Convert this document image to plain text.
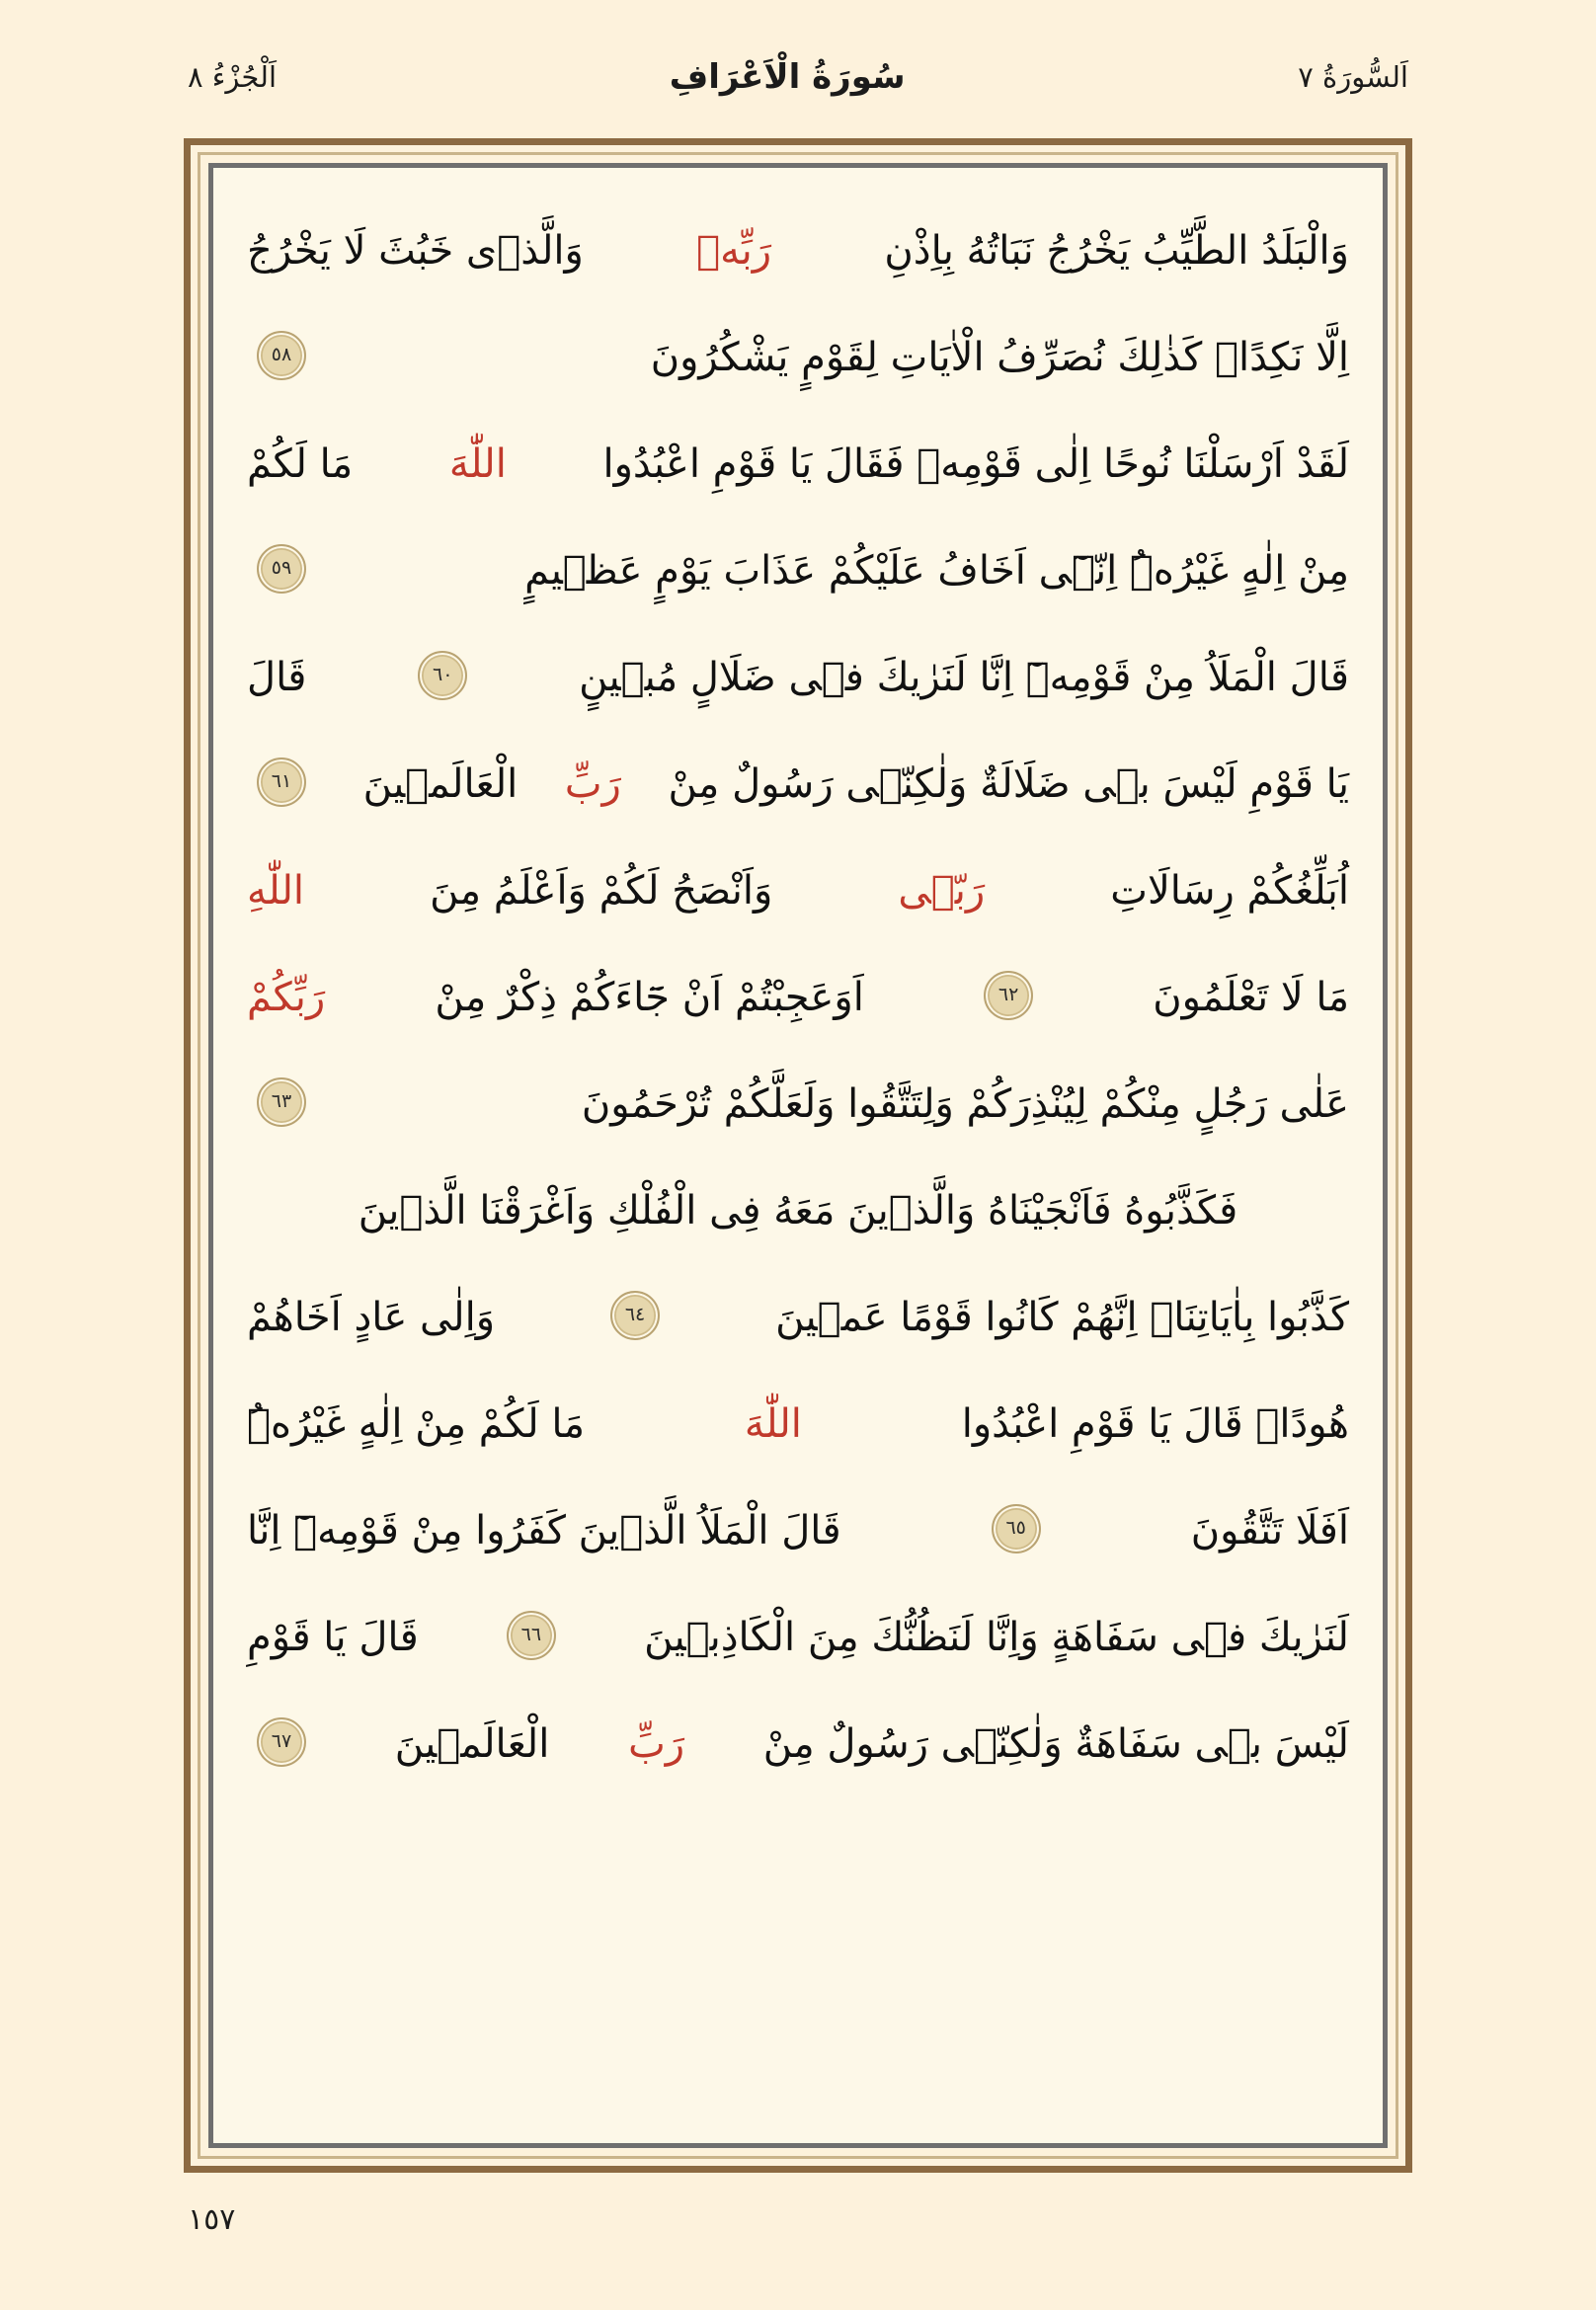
اَلسُّورَةُ ٧
سُورَةُ الْاَعْرَافِ
اَلْجُزْءُ ٨
وَالْبَلَدُ الطَّيِّبُ يَخْرُجُ نَبَاتُهُ بِاِذْنِ
رَبِّهٖ
وَالَّذٖى خَبُثَ لَا يَخْرُجُ
اِلَّا نَكِدًاۜ كَذٰلِكَ نُصَرِّفُ الْاٰيَاتِ لِقَوْمٍ يَشْكُرُونَ
٥٨
لَقَدْ اَرْسَلْنَا نُوحًا اِلٰى قَوْمِهٖ فَقَالَ يَا قَوْمِ اعْبُدُوا
اللّٰهَ
مَا لَكُمْ
مِنْ اِلٰهٍ غَيْرُهُۜ اِنّٖٓى اَخَافُ عَلَيْكُمْ عَذَابَ يَوْمٍ عَظٖيمٍ
٥٩
قَالَ الْمَلَاُ مِنْ قَوْمِهٖٓ اِنَّا لَنَرٰيكَ فٖى ضَلَالٍ مُبٖينٍ
٦٠
قَالَ
يَا قَوْمِ لَيْسَ بٖى ضَلَالَةٌ وَلٰكِنّٖى رَسُولٌ مِنْ
رَبِّ
الْعَالَمٖينَ
٦١
اُبَلِّغُكُمْ رِسَالَاتِ
رَبّٖى
وَاَنْصَحُ لَكُمْ وَاَعْلَمُ مِنَ
اللّٰهِ
مَا لَا تَعْلَمُونَ
٦٢
اَوَعَجِبْتُمْ اَنْ جَٓاءَكُمْ ذِكْرٌ مِنْ
رَبِّكُمْ
عَلٰى رَجُلٍ مِنْكُمْ لِيُنْذِرَكُمْ وَلِتَتَّقُوا وَلَعَلَّكُمْ تُرْحَمُونَ
٦٣
فَكَذَّبُوهُ فَاَنْجَيْنَاهُ وَالَّذٖينَ مَعَهُ فِى الْفُلْكِ وَاَغْرَقْنَا الَّذٖينَ
كَذَّبُوا بِاٰيَاتِنَاۜ اِنَّهُمْ كَانُوا قَوْمًا عَمٖينَ
٦٤
وَاِلٰى عَادٍ اَخَاهُمْ
هُودًاۜ قَالَ يَا قَوْمِ اعْبُدُوا
اللّٰهَ
مَا لَكُمْ مِنْ اِلٰهٍ غَيْرُهُۜ
اَفَلَا تَتَّقُونَ
٦٥
قَالَ الْمَلَاُ الَّذٖينَ كَفَرُوا مِنْ قَوْمِهٖٓ اِنَّا
لَنَرٰيكَ فٖى سَفَاهَةٍ وَاِنَّا لَنَظُنُّكَ مِنَ الْكَاذِبٖينَ
٦٦
قَالَ يَا قَوْمِ
لَيْسَ بٖى سَفَاهَةٌ وَلٰكِنّٖى رَسُولٌ مِنْ
رَبِّ
الْعَالَمٖينَ
٦٧
١٥٧
